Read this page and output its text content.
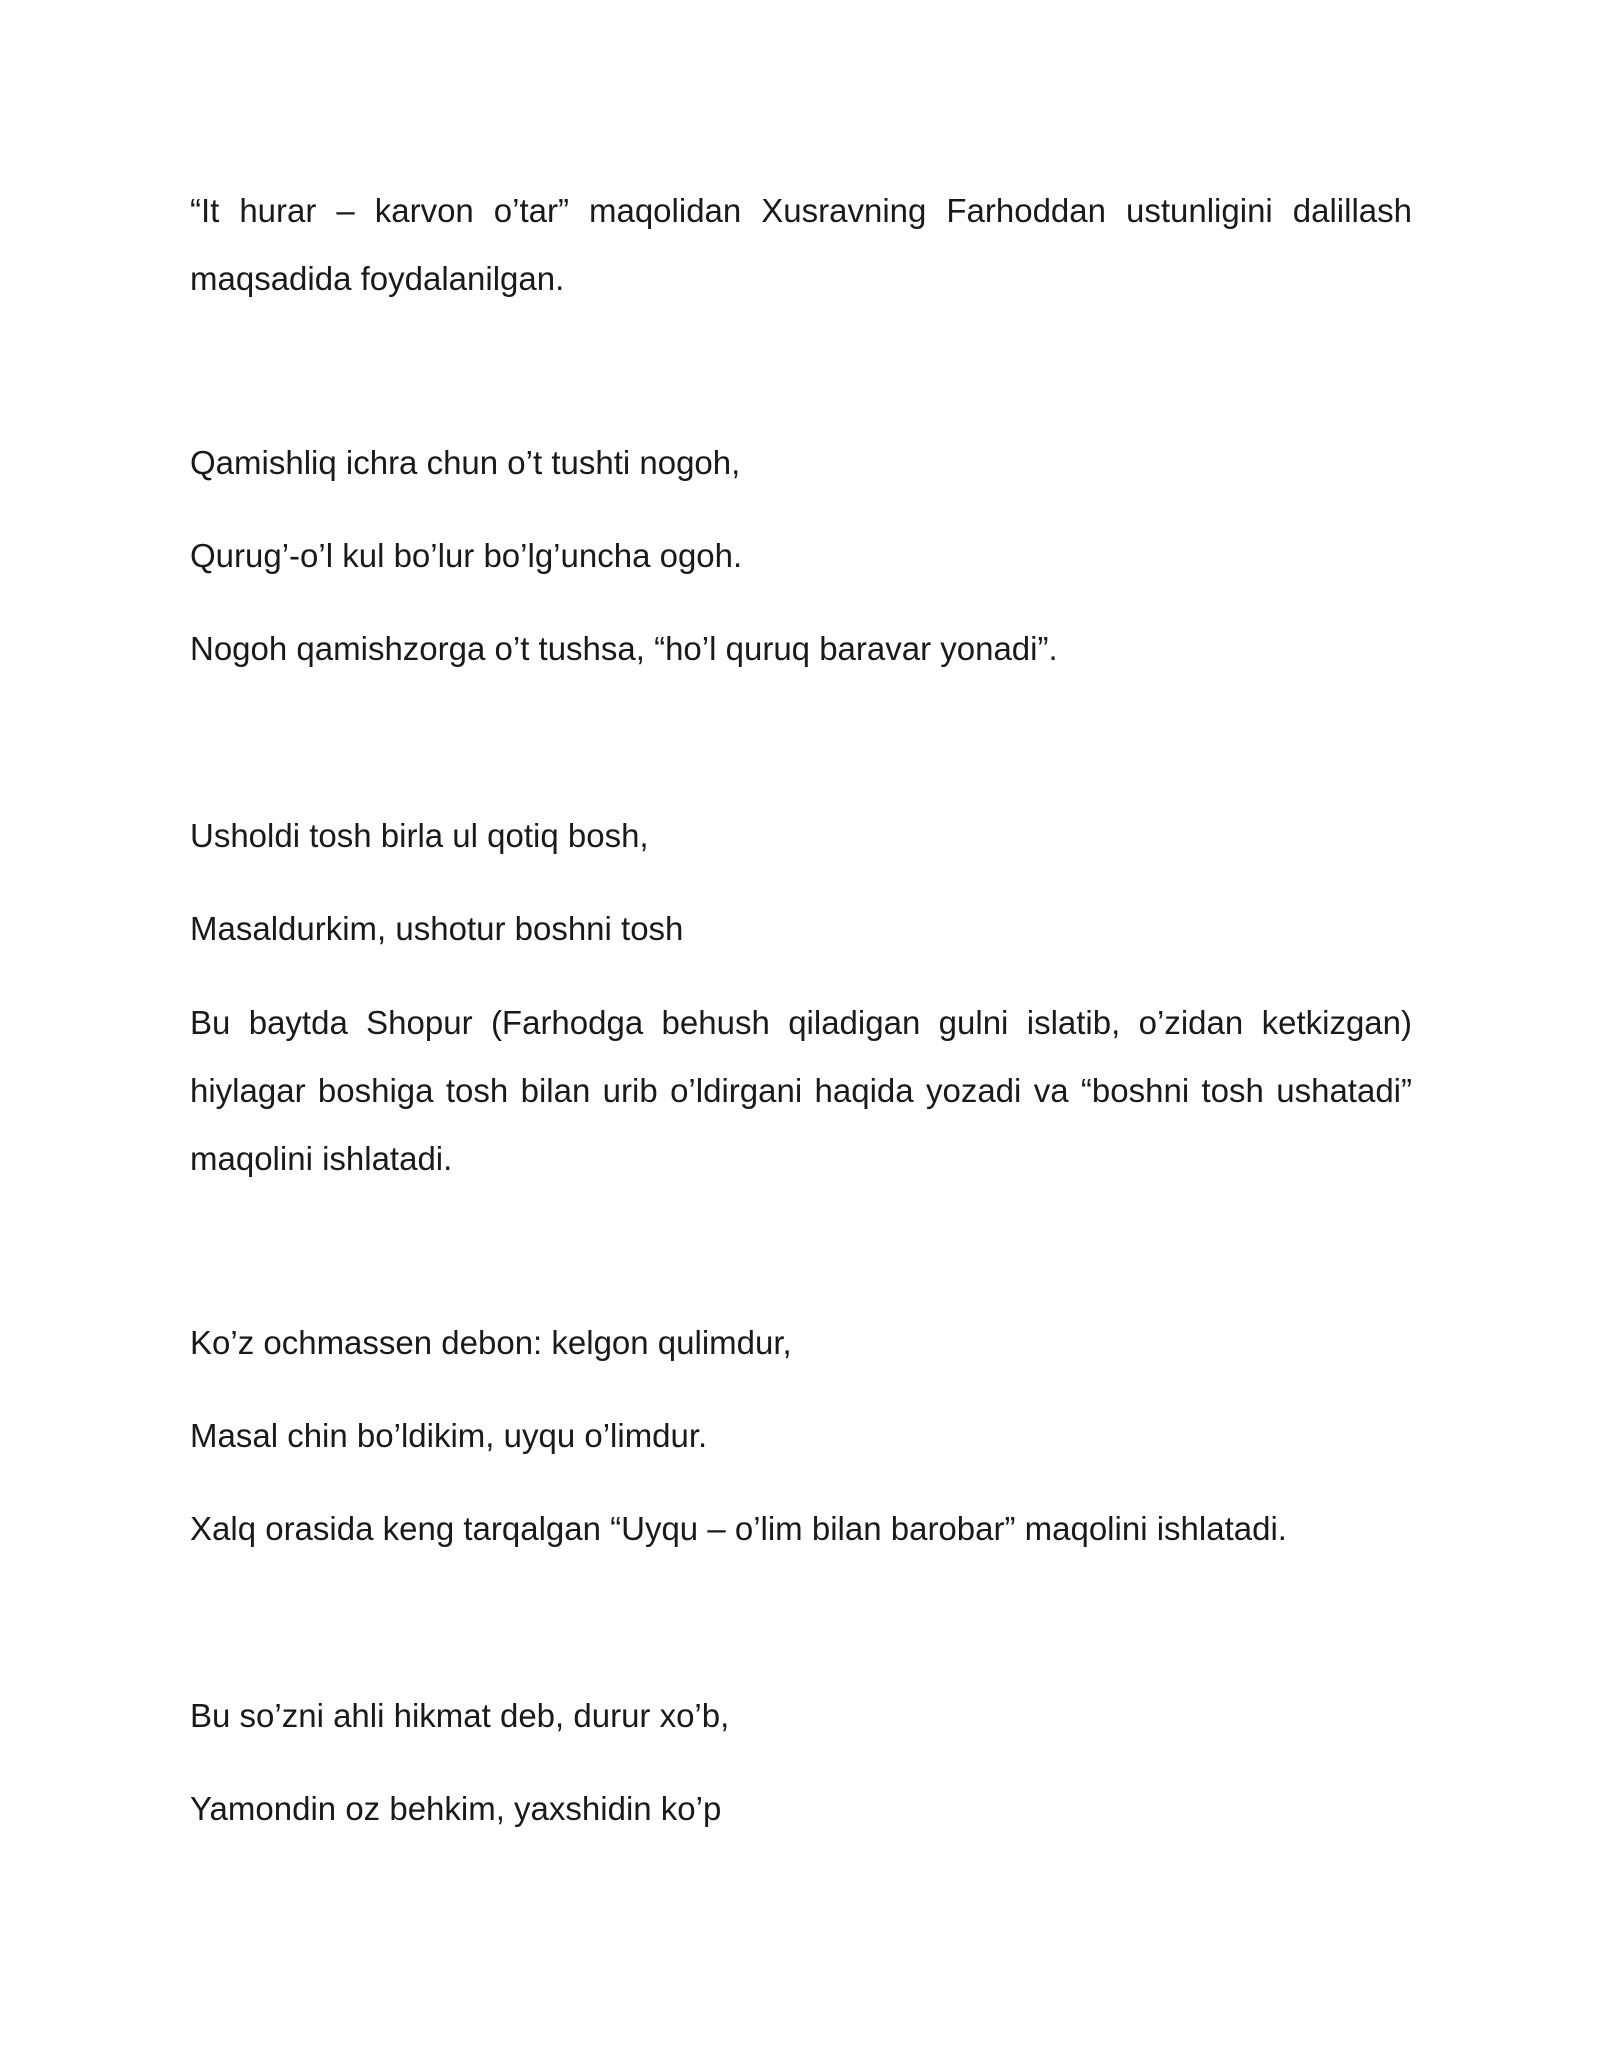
“It hurar – karvon o’tar” maqolidan Xusravning Farhoddan ustunligini dalillash maqsadida foydalanilgan.

Qamishliq ichra chun o’t tushti nogoh,

Qurug’-o’l kul bo’lur bo’lg’uncha ogoh.

Nogoh qamishzorga o’t tushsa, “ho’l quruq baravar yonadi”.

Usholdi tosh birla ul qotiq bosh,

Masaldurkim, ushotur boshni tosh

Bu baytda Shopur (Farhodga behush qiladigan gulni islatib, o’zidan ketkizgan) hiylagar boshiga tosh bilan urib o’ldirgani haqida yozadi va “boshni tosh ushatadi” maqolini ishlatadi.

Ko’z ochmassen debon: kelgon qulimdur,

Masal chin bo’ldikim, uyqu o’limdur.

Xalq orasida keng tarqalgan “Uyqu – o’lim bilan barobar” maqolini ishlatadi.

Bu so’zni ahli hikmat deb, durur xo’b,

Yamondin oz behkim, yaxshidin ko’p
